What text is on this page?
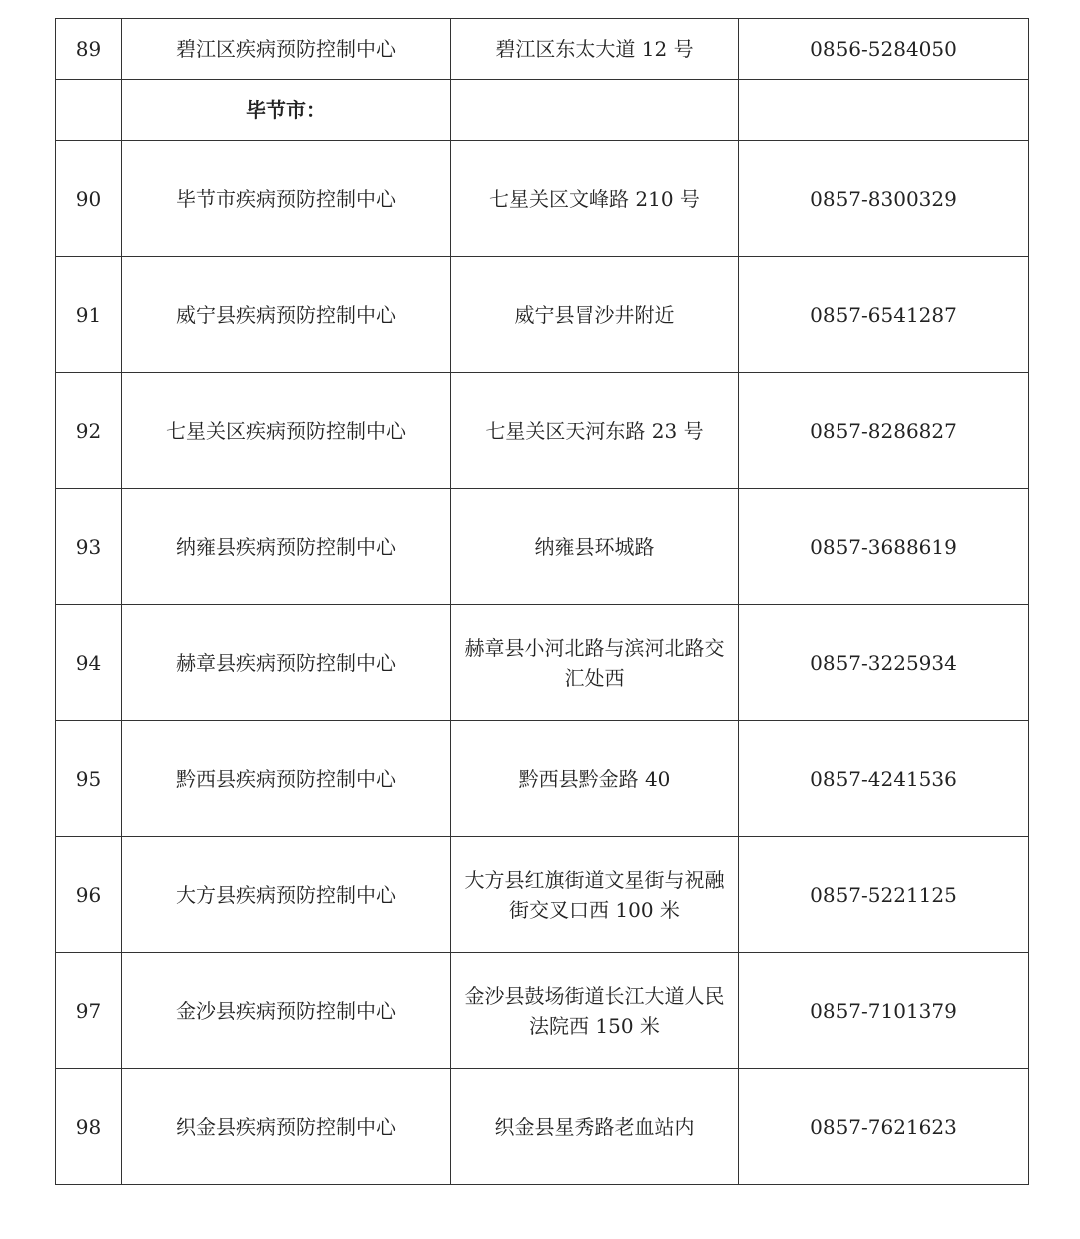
89	碧江区疾病预防控制中心	碧江区东太大道 12 号	0856-5284050
	毕节市：		
90	毕节市疾病预防控制中心	七星关区文峰路 210 号	0857-8300329
91	威宁县疾病预防控制中心	威宁县冒沙井附近	0857-6541287
92	七星关区疾病预防控制中心	七星关区天河东路 23 号	0857-8286827
93	纳雍县疾病预防控制中心	纳雍县环城路	0857-3688619
94	赫章县疾病预防控制中心	赫章县小河北路与滨河北路交汇处西	0857-3225934
95	黔西县疾病预防控制中心	黔西县黔金路 40	0857-4241536
96	大方县疾病预防控制中心	大方县红旗街道文星街与祝融街交叉口西 100 米	0857-5221125
97	金沙县疾病预防控制中心	金沙县鼓场街道长江大道人民法院西 150 米	0857-7101379
98	织金县疾病预防控制中心	织金县星秀路老血站内	0857-7621623
